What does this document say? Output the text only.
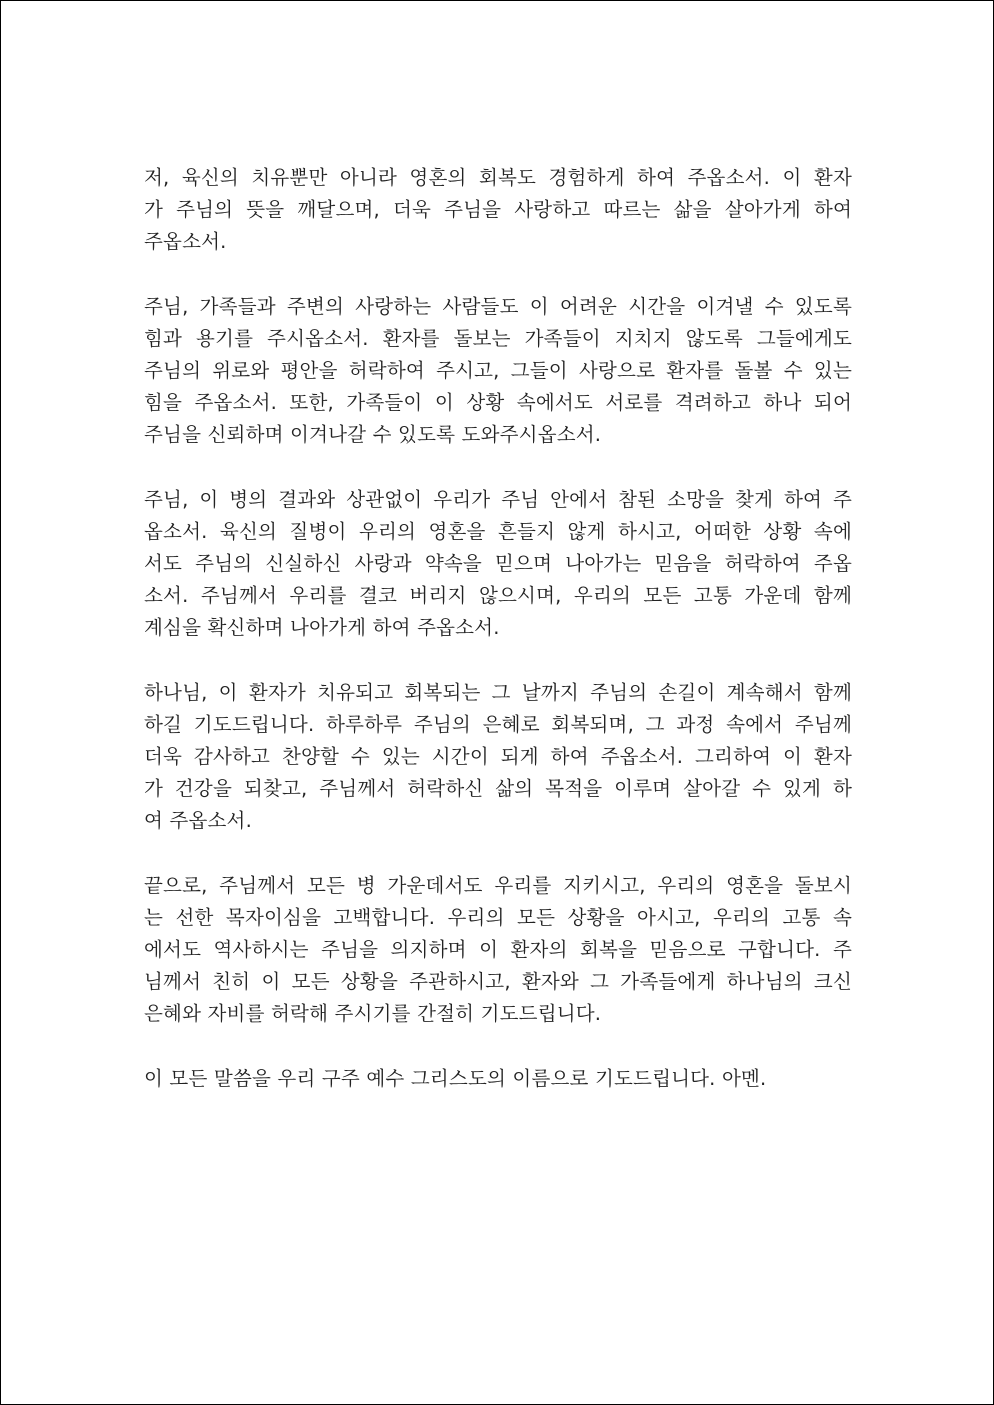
저, 육신의 치유뿐만 아니라 영혼의 회복도 경험하게 하여 주옵소서. 이 환자
가 주님의 뜻을 깨달으며, 더욱 주님을 사랑하고 따르는 삶을 살아가게 하여
주옵소서.

주님, 가족들과 주변의 사랑하는 사람들도 이 어려운 시간을 이겨낼 수 있도록
힘과 용기를 주시옵소서. 환자를 돌보는 가족들이 지치지 않도록 그들에게도
주님의 위로와 평안을 허락하여 주시고, 그들이 사랑으로 환자를 돌볼 수 있는
힘을 주옵소서. 또한, 가족들이 이 상황 속에서도 서로를 격려하고 하나 되어
주님을 신뢰하며 이겨나갈 수 있도록 도와주시옵소서.

주님, 이 병의 결과와 상관없이 우리가 주님 안에서 참된 소망을 찾게 하여 주
옵소서. 육신의 질병이 우리의 영혼을 흔들지 않게 하시고, 어떠한 상황 속에
서도 주님의 신실하신 사랑과 약속을 믿으며 나아가는 믿음을 허락하여 주옵
소서. 주님께서 우리를 결코 버리지 않으시며, 우리의 모든 고통 가운데 함께
계심을 확신하며 나아가게 하여 주옵소서.

하나님, 이 환자가 치유되고 회복되는 그 날까지 주님의 손길이 계속해서 함께
하길 기도드립니다. 하루하루 주님의 은혜로 회복되며, 그 과정 속에서 주님께
더욱 감사하고 찬양할 수 있는 시간이 되게 하여 주옵소서. 그리하여 이 환자
가 건강을 되찾고, 주님께서 허락하신 삶의 목적을 이루며 살아갈 수 있게 하
여 주옵소서.

끝으로, 주님께서 모든 병 가운데서도 우리를 지키시고, 우리의 영혼을 돌보시
는 선한 목자이심을 고백합니다. 우리의 모든 상황을 아시고, 우리의 고통 속
에서도 역사하시는 주님을 의지하며 이 환자의 회복을 믿음으로 구합니다. 주
님께서 친히 이 모든 상황을 주관하시고, 환자와 그 가족들에게 하나님의 크신
은혜와 자비를 허락해 주시기를 간절히 기도드립니다.

이 모든 말씀을 우리 구주 예수 그리스도의 이름으로 기도드립니다. 아멘.
